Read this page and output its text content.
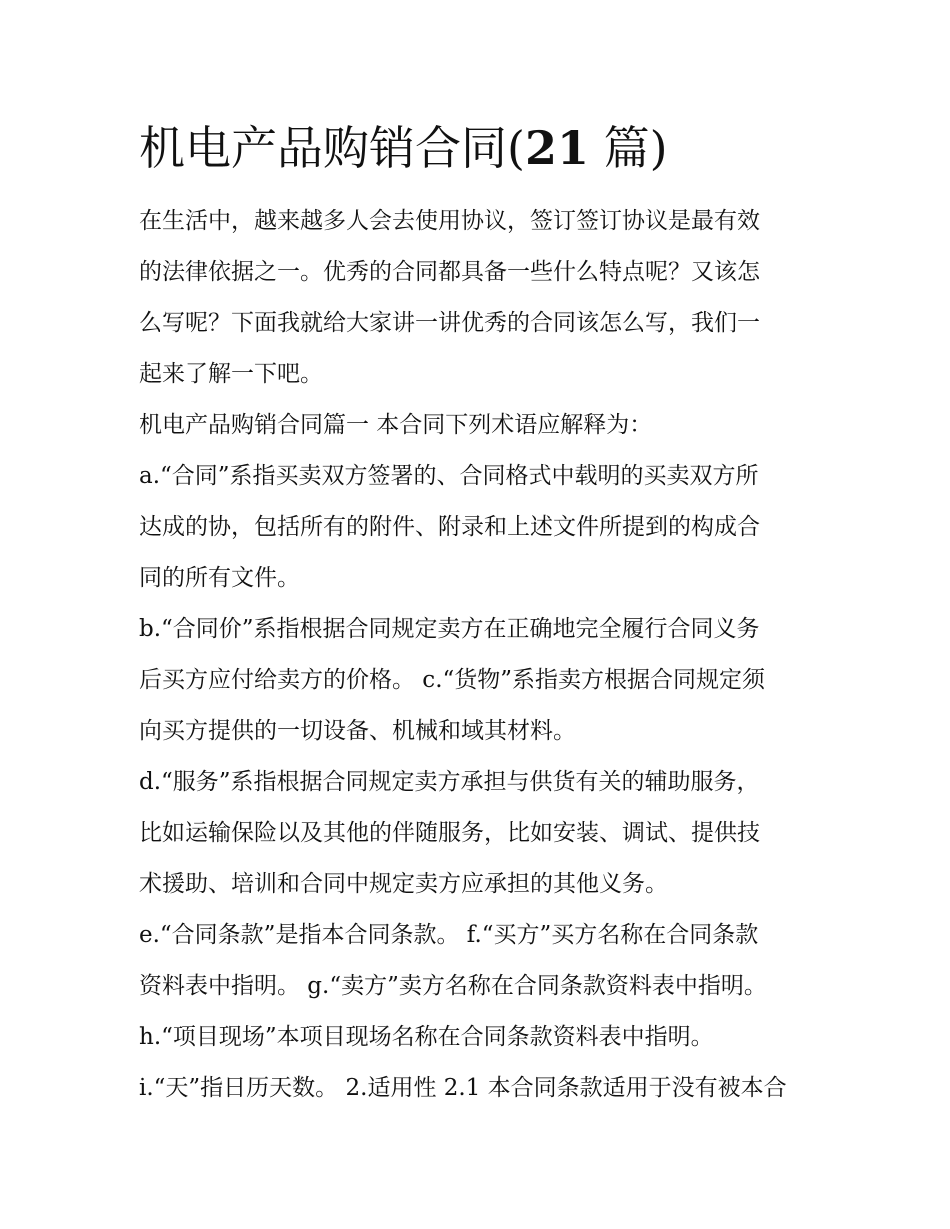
机电产品购销合同(21 篇)
在生活中，越来越多人会去使用协议，签订签订协议是最有效
的法律依据之一。优秀的合同都具备一些什么特点呢？又该怎
么写呢？下面我就给大家讲一讲优秀的合同该怎么写，我们一
起来了解一下吧。
机电产品购销合同篇一 本合同下列术语应解释为：
a.“合同”系指买卖双方签署的、合同格式中载明的买卖双方所
达成的协，包括所有的附件、附录和上述文件所提到的构成合
同的所有文件。
b.“合同价”系指根据合同规定卖方在正确地完全履行合同义务
后买方应付给卖方的价格。 c.“货物”系指卖方根据合同规定须
向买方提供的一切设备、机械和域其材料。
d.“服务”系指根据合同规定卖方承担与供货有关的辅助服务，
比如运输保险以及其他的伴随服务，比如安装、调试、提供技
术援助、培训和合同中规定卖方应承担的其他义务。
e.“合同条款”是指本合同条款。 f.“买方”买方名称在合同条款
资料表中指明。 g.“卖方”卖方名称在合同条款资料表中指明。
h.“项目现场”本项目现场名称在合同条款资料表中指明。
i.“天”指日历天数。 2.适用性 2.1 本合同条款适用于没有被本合
